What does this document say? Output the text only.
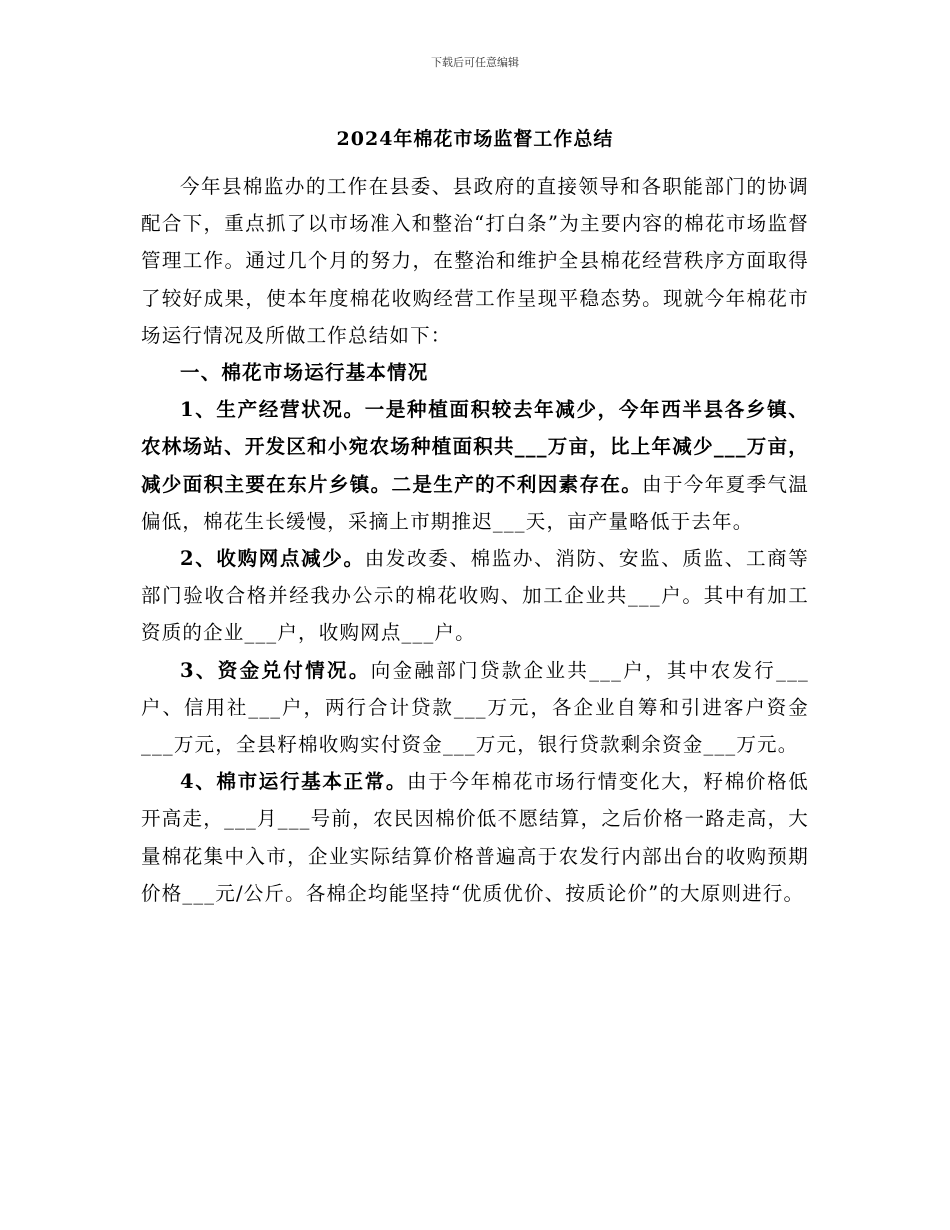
下载后可任意编辑
2024年棉花市场监督工作总结

今年县棉监办的工作在县委、县政府的直接领导和各职能部门的协调配合下，重点抓了以市场准入和整治“打白条”为主要内容的棉花市场监督管理工作。通过几个月的努力，在整治和维护全县棉花经营秩序方面取得了较好成果，使本年度棉花收购经营工作呈现平稳态势。现就今年棉花市场运行情况及所做工作总结如下：

一、棉花市场运行基本情况

1、生产经营状况。一是种植面积较去年减少，今年西半县各乡镇、农林场站、开发区和小宛农场种植面积共___万亩，比上年减少___万亩，减少面积主要在东片乡镇。二是生产的不利因素存在。由于今年夏季气温偏低，棉花生长缓慢，采摘上市期推迟___天，亩产量略低于去年。

2、收购网点减少。由发改委、棉监办、消防、安监、质监、工商等部门验收合格并经我办公示的棉花收购、加工企业共___户。其中有加工资质的企业___户，收购网点___户。

3、资金兑付情况。向金融部门贷款企业共___户，其中农发行___户、信用社___户，两行合计贷款___万元，各企业自筹和引进客户资金___万元，全县籽棉收购实付资金___万元，银行贷款剩余资金___万元。

4、棉市运行基本正常。由于今年棉花市场行情变化大，籽棉价格低开高走，___月___号前，农民因棉价低不愿结算，之后价格一路走高，大量棉花集中入市，企业实际结算价格普遍高于农发行内部出台的收购预期价格___元/公斤。各棉企均能坚持“优质优价、按质论价”的大原则进行。
